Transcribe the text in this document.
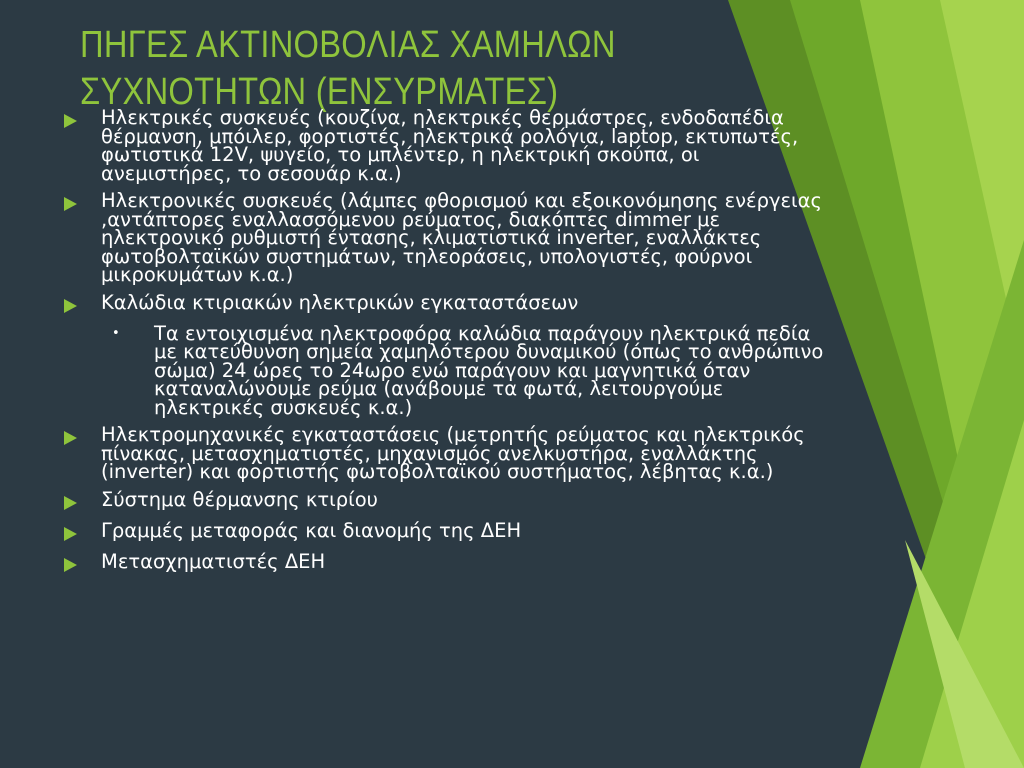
ΠΗΓΕΣ ΑΚΤΙΝΟΒΟΛΙΑΣ ΧΑΜΗΛΩΝ ΣΥΧΝΟΤΗΤΩΝ (ΕΝΣΥΡΜΑΤΕΣ)
Ηλεκτρικές συσκευές (κουζίνα, ηλεκτρικές θερμάστρες, ενδοδαπέδια θέρμανση, μπόιλερ, φορτιστές, ηλεκτρικά ρολόγια, laptop, εκτυπωτές, φωτιστικά 12V, ψυγείο, το μπλέντερ, η ηλεκτρική σκούπα, οι ανεμιστήρες, το σεσουάρ κ.α.)
Ηλεκτρονικές συσκευές (λάμπες φθορισμού και εξοικονόμησης ενέργειας ,αντάπτορες εναλλασσόμενου ρεύματος, διακόπτες dimmer με ηλεκτρονικό ρυθμιστή έντασης, κλιματιστικά inverter, εναλλάκτες φωτοβολταϊκών συστημάτων, τηλεοράσεις, υπολογιστές, φούρνοι μικροκυμάτων κ.α.)
Καλώδια κτιριακών ηλεκτρικών εγκαταστάσεων
•	Τα εντοιχισμένα ηλεκτροφόρα καλώδια παράγουν ηλεκτρικά πεδία με κατεύθυνση σημεία χαμηλότερου δυναμικού (όπως το ανθρώπινο σώμα) 24 ώρες το 24ωρο ενώ παράγουν και μαγνητικά όταν καταναλώνουμε ρεύμα (ανάβουμε τα φωτά, λειτουργούμε ηλεκτρικές συσκευές κ.α.)
Ηλεκτρομηχανικές εγκαταστάσεις (μετρητής ρεύματος και ηλεκτρικός πίνακας, μετασχηματιστές, μηχανισμός ανελκυστήρα, εναλλάκτης (inverter) και φορτιστής φωτοβολταϊκού συστήματος, λέβητας κ.α.)
Σύστημα θέρμανσης κτιρίου
Γραμμές μεταφοράς και διανομής της ΔΕΗ
Μετασχηματιστές ΔΕΗ
